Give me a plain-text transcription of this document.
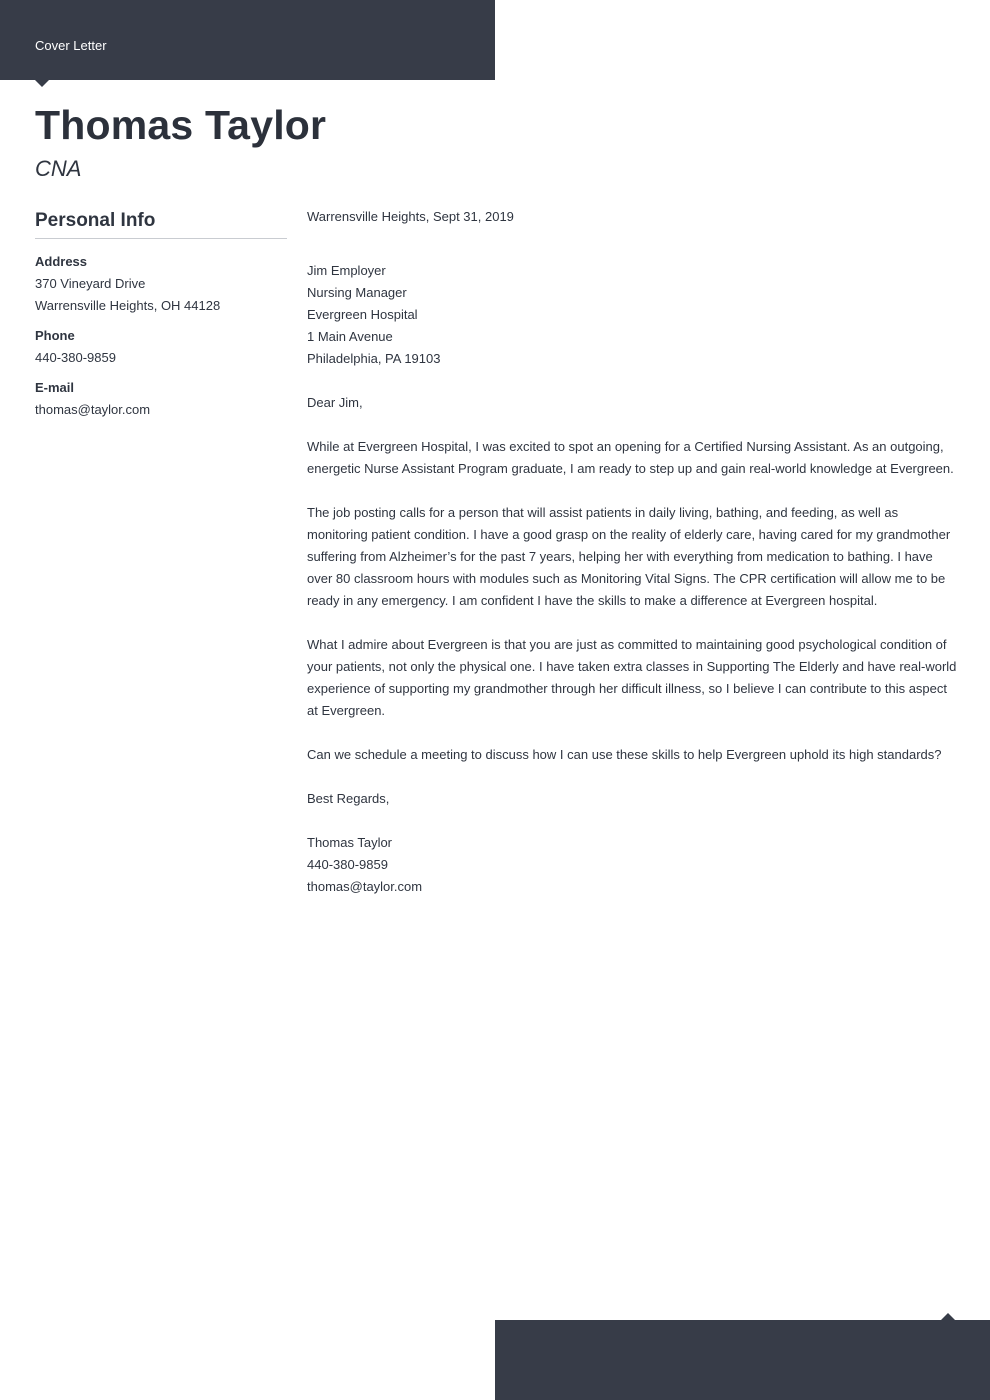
Cover Letter
Thomas Taylor
CNA
Personal Info
Address
370 Vineyard Drive
Warrensville Heights, OH 44128
Phone
440-380-9859
E-mail
thomas@taylor.com
Warrensville Heights, Sept 31, 2019
Jim Employer
Nursing Manager
Evergreen Hospital
1 Main Avenue
Philadelphia, PA 19103

Dear Jim,

While at Evergreen Hospital, I was excited to spot an opening for a Certified Nursing Assistant. As an outgoing, energetic Nurse Assistant Program graduate, I am ready to step up and gain real-world knowledge at Evergreen.

The job posting calls for a person that will assist patients in daily living, bathing, and feeding, as well as monitoring patient condition. I have a good grasp on the reality of elderly care, having cared for my grandmother suffering from Alzheimer’s for the past 7 years, helping her with everything from medication to bathing. I have over 80 classroom hours with modules such as Monitoring Vital Signs. The CPR certification will allow me to be ready in any emergency. I am confident I have the skills to make a difference at Evergreen hospital.

What I admire about Evergreen is that you are just as committed to maintaining good psychological condition of your patients, not only the physical one. I have taken extra classes in Supporting The Elderly and have real-world experience of supporting my grandmother through her difficult illness, so I believe I can contribute to this aspect at Evergreen.

Can we schedule a meeting to discuss how I can use these skills to help Evergreen uphold its high standards?

Best Regards,

Thomas Taylor
440-380-9859
thomas@taylor.com
